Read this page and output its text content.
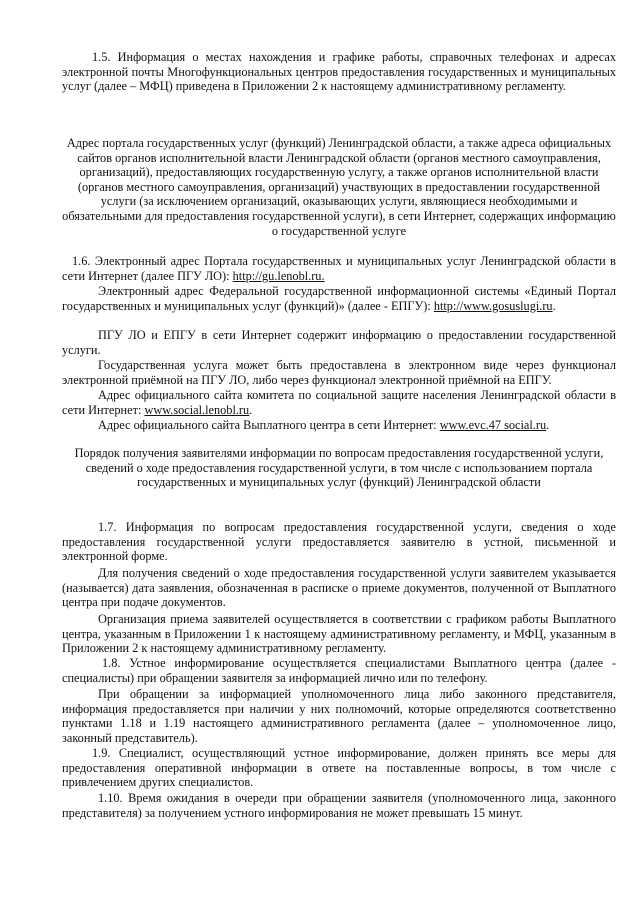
1.5. Информация о местах нахождения и графике работы, справочных телефонах и адресах электронной почты Многофункциональных центров предоставления государственных и муниципальных услуг (далее – МФЦ) приведена в Приложении 2 к настоящему административному регламенту.

Адрес портала государственных услуг (функций) Ленинградской области, а также адреса официальных сайтов органов исполнительной власти Ленинградской области (органов местного самоуправления, организаций), предоставляющих государственную услугу, а также органов исполнительной власти (органов местного самоуправления, организаций) участвующих в предоставлении государственной услуги (за исключением организаций, оказывающих услуги, являющиеся необходимыми и обязательными для предоставления государственной услуги), в сети Интернет, содержащих информацию о государственной услуге

1.6. Электронный адрес Портала государственных и муниципальных услуг Ленинградской области в сети Интернет (далее ПГУ ЛО): http://gu.lenobl.ru.

Электронный адрес Федеральной государственной информационной системы «Единый Портал государственных и муниципальных услуг (функций)» (далее - ЕПГУ): http://www.gosuslugi.ru.

ПГУ ЛО и ЕПГУ в сети Интернет содержит информацию о предоставлении государственной услуги.

Государственная услуга может быть предоставлена в электронном виде через функционал электронной приёмной на ПГУ ЛО, либо через функционал электронной приёмной на ЕПГУ.

Адрес официального сайта комитета по социальной защите населения Ленинградской области в сети Интернет: www.social.lenobl.ru.

Адрес официального сайта Выплатного центра в сети Интернет: www.evc.47 social.ru.

Порядок получения заявителями информации по вопросам предоставления государственной услуги, сведений о ходе предоставления государственной услуги, в том числе с использованием портала государственных и муниципальных услуг (функций) Ленинградской области

1.7. Информация по вопросам предоставления государственной услуги, сведения о ходе предоставления государственной услуги предоставляется заявителю в устной, письменной и электронной форме.

Для получения сведений о ходе предоставления государственной услуги заявителем указывается (называется) дата заявления, обозначенная в расписке о приеме документов, полученной от Выплатного центра при подаче документов.

Организация приема заявителей осуществляется в соответствии с графиком работы Выплатного центра, указанным в Приложении 1 к настоящему административному регламенту, и МФЦ, указанным в Приложении 2 к настоящему административному регламенту.

1.8. Устное информирование осуществляется специалистами Выплатного центра (далее - специалисты) при обращении заявителя за информацией лично или по телефону.

При обращении за информацией уполномоченного лица либо законного представителя, информация предоставляется при наличии у них полномочий, которые определяются соответственно пунктами 1.18 и 1.19 настоящего административного регламента (далее – уполномоченное лицо, законный представитель).

1.9. Специалист, осуществляющий устное информирование, должен принять все меры для предоставления оперативной информации в ответе на поставленные вопросы, в том числе с привлечением других специалистов.

1.10. Время ожидания в очереди при обращении заявителя (уполномоченного лица, законного представителя) за получением устного информирования не может превышать 15 минут.
